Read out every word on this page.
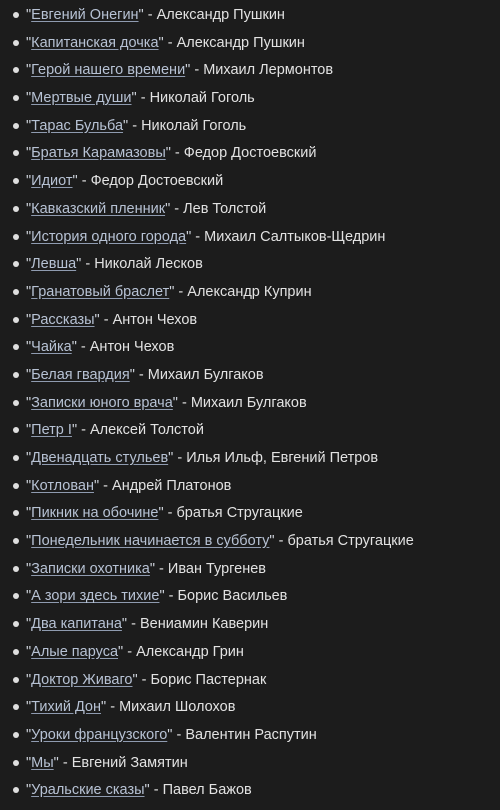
"Евгений Онегин" - Александр Пушкин
"Капитанская дочка" - Александр Пушкин
"Герой нашего времени" - Михаил Лермонтов
"Мертвые души" - Николай Гоголь
"Тарас Бульба" - Николай Гоголь
"Братья Карамазовы" - Федор Достоевский
"Идиот" - Федор Достоевский
"Кавказский пленник" - Лев Толстой
"История одного города" - Михаил Салтыков-Щедрин
"Левша" - Николай Лесков
"Гранатовый браслет" - Александр Куприн
"Рассказы" - Антон Чехов
"Чайка" - Антон Чехов
"Белая гвардия" - Михаил Булгаков
"Записки юного врача" - Михаил Булгаков
"Петр I" - Алексей Толстой
"Двенадцать стульев" - Илья Ильф, Евгений Петров
"Котлован" - Андрей Платонов
"Пикник на обочине" - братья Стругацкие
"Понедельник начинается в субботу" - братья Стругацкие
"Записки охотника" - Иван Тургенев
"А зори здесь тихие" - Борис Васильев
"Два капитана" - Вениамин Каверин
"Алые паруса" - Александр Грин
"Доктор Живаго" - Борис Пастернак
"Тихий Дон" - Михаил Шолохов
"Уроки французского" - Валентин Распутин
"Мы" - Евгений Замятин
"Уральские сказы" - Павел Бажов
